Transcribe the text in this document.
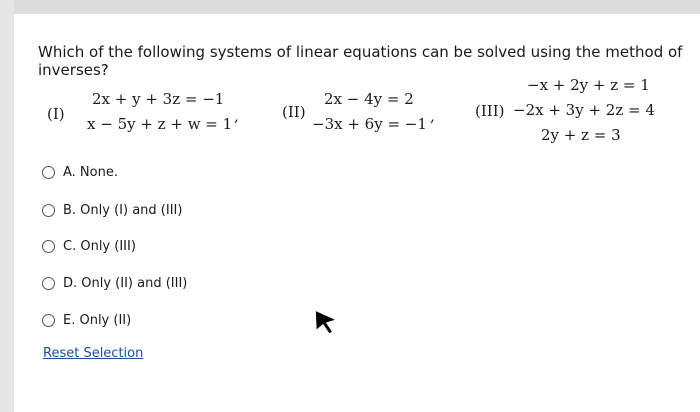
Which of the following systems of linear equations can be solved using the method of inverses?
(I)
2x + y + 3z = −1
x − 5y + z + w = 1 ,	(II)
2x − 4y = 2
−3x + 6y = −1 ,	(III)
−x + 2y + z = 1
−2x + 3y + 2z = 4
2y + z = 3
A. None.
B. Only (I) and (III)
C. Only (III)
D. Only (II) and (III)
E. Only (II)
Reset Selection
